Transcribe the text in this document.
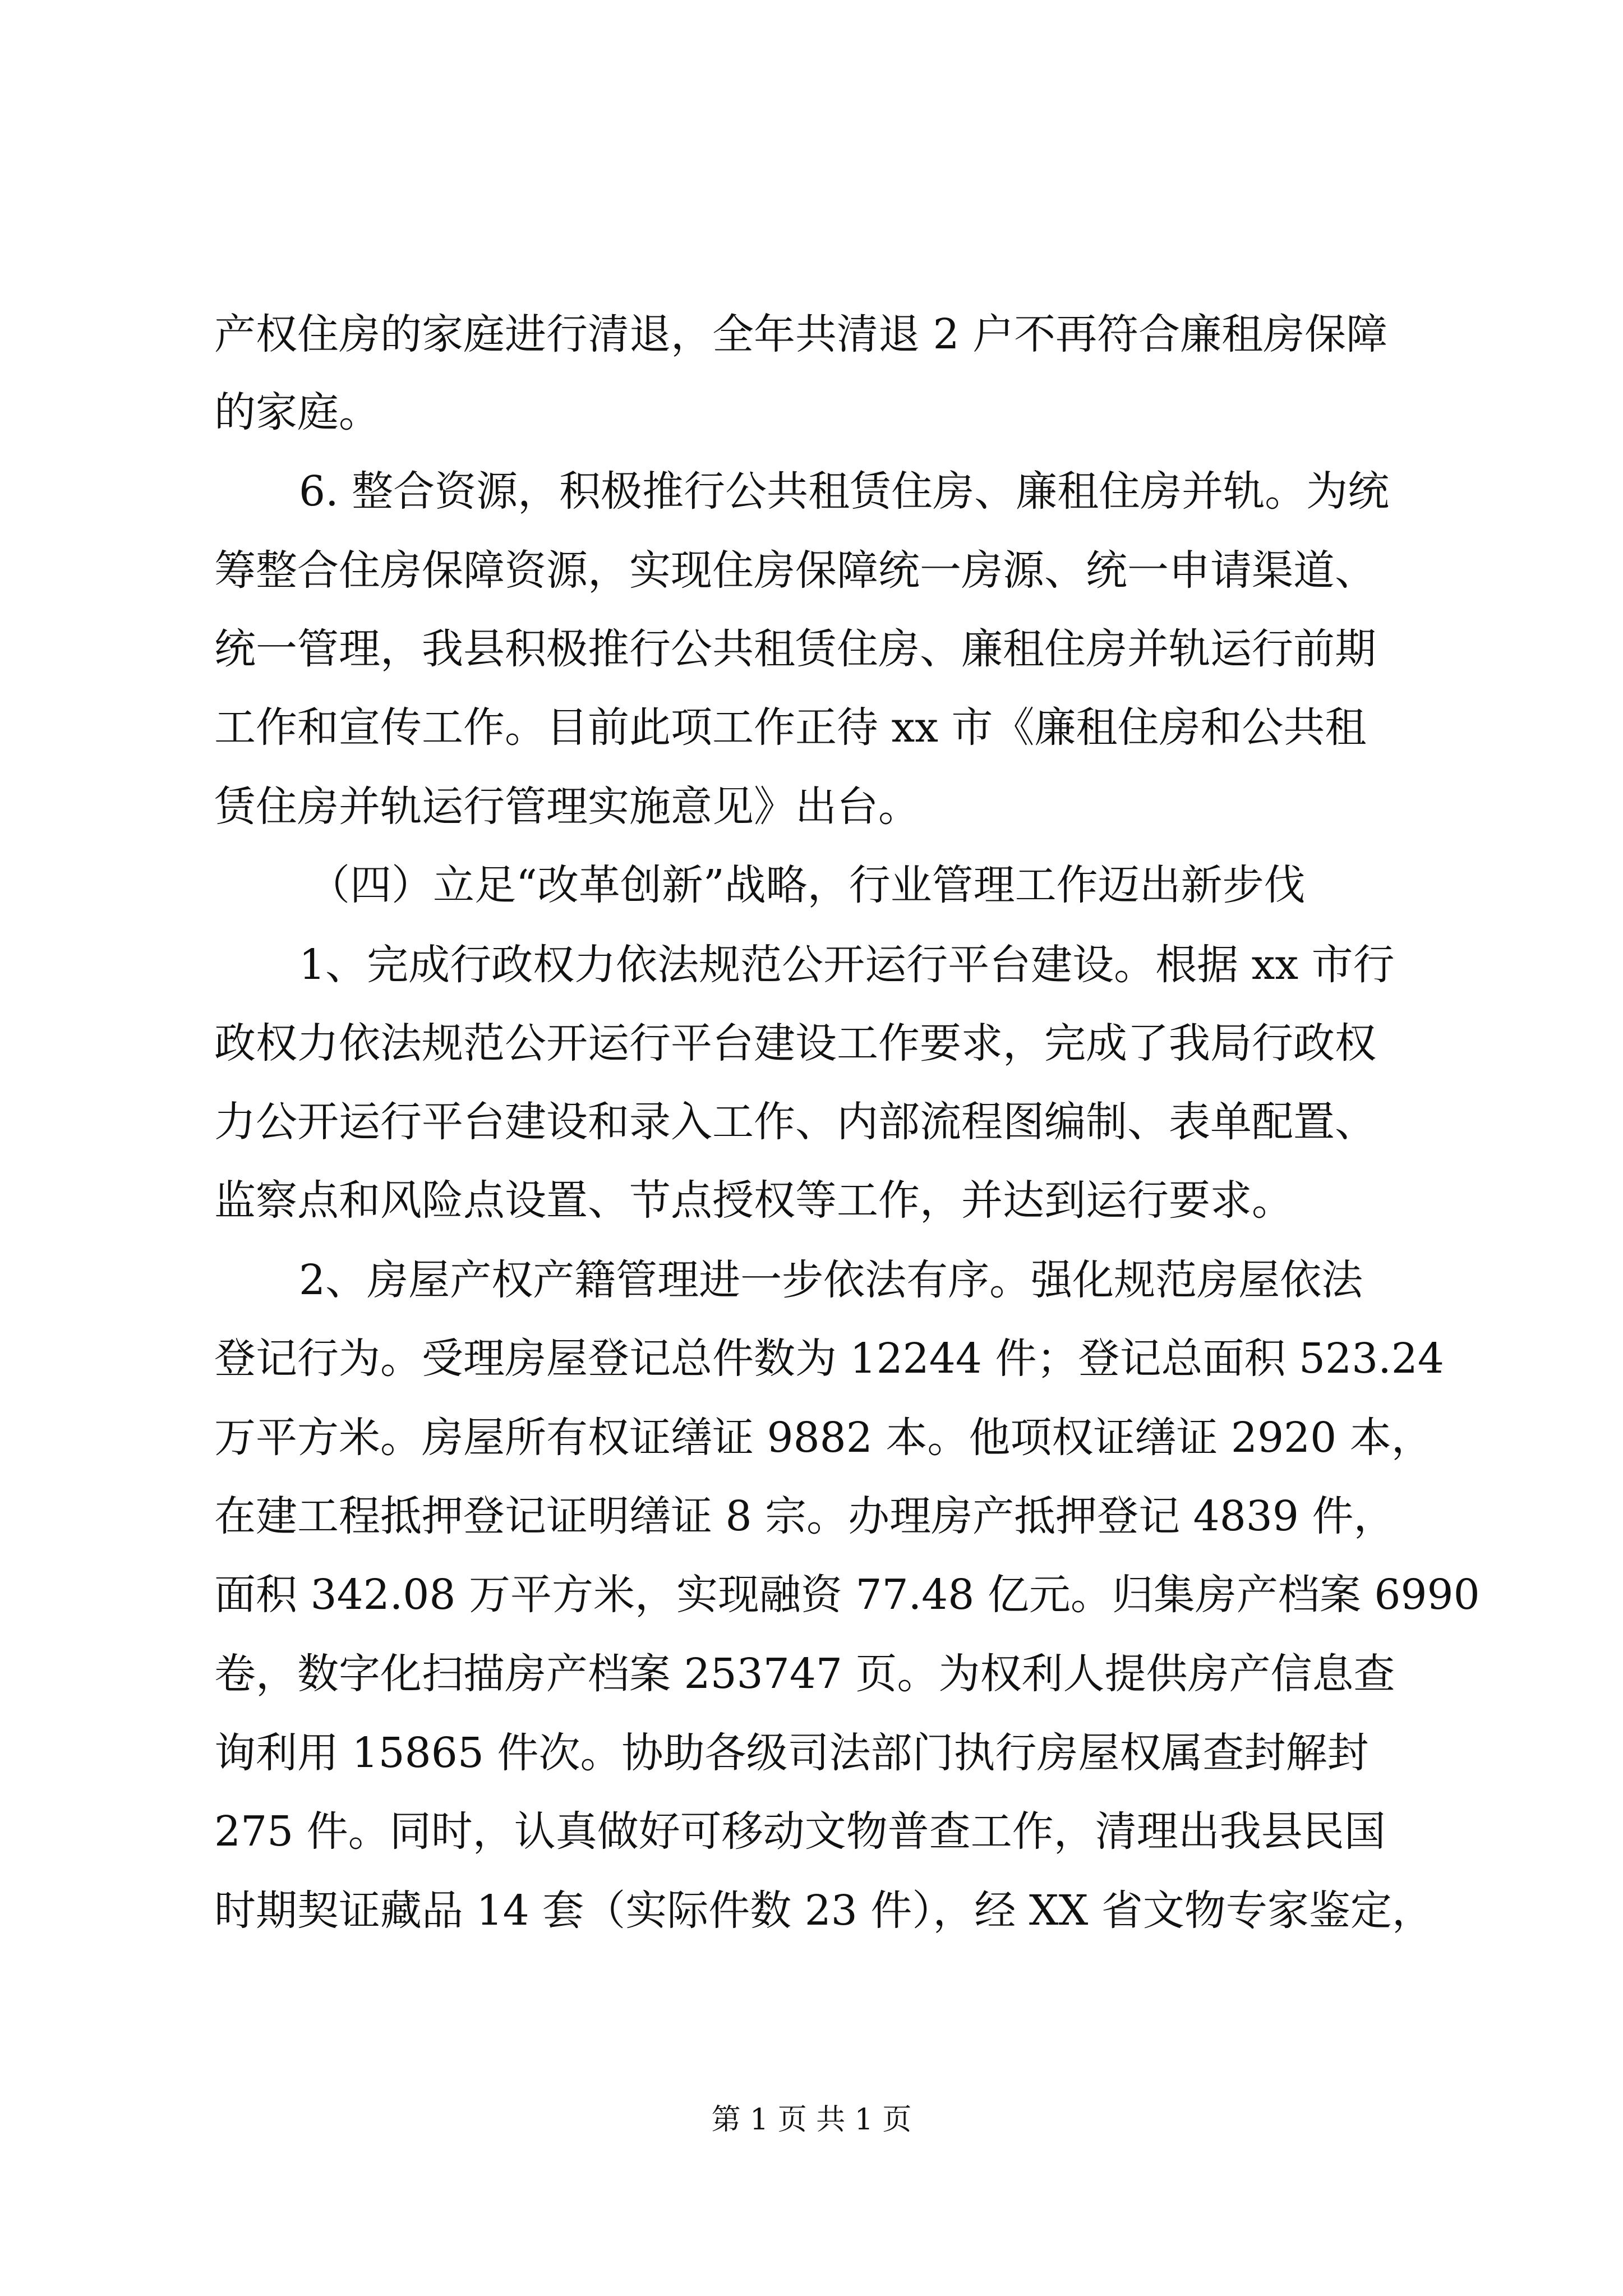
产权住房的家庭进行清退，全年共清退 2 户不再符合廉租房保障
的家庭。
6. 整合资源，积极推行公共租赁住房、廉租住房并轨。为统
筹整合住房保障资源，实现住房保障统一房源、统一申请渠道、
统一管理，我县积极推行公共租赁住房、廉租住房并轨运行前期
工作和宣传工作。目前此项工作正待 xx 市《廉租住房和公共租
赁住房并轨运行管理实施意见》出台。
（四）立足“改革创新”战略，行业管理工作迈出新步伐
1、完成行政权力依法规范公开运行平台建设。根据 xx 市行
政权力依法规范公开运行平台建设工作要求，完成了我局行政权
力公开运行平台建设和录入工作、内部流程图编制、表单配置、
监察点和风险点设置、节点授权等工作，并达到运行要求。
2、房屋产权产籍管理进一步依法有序。强化规范房屋依法
登记行为。受理房屋登记总件数为 12244 件；登记总面积 523.24
万平方米。房屋所有权证缮证 9882 本。他项权证缮证 2920 本，
在建工程抵押登记证明缮证 8 宗。办理房产抵押登记 4839 件，
面积 342.08 万平方米，实现融资 77.48 亿元。归集房产档案 6990
卷，数字化扫描房产档案 253747 页。为权利人提供房产信息查
询利用 15865 件次。协助各级司法部门执行房屋权属查封解封
275 件。同时，认真做好可移动文物普查工作，清理出我县民国
时期契证藏品 14 套（实际件数 23 件），经 XX 省文物专家鉴定，
第 1 页 共 1 页
